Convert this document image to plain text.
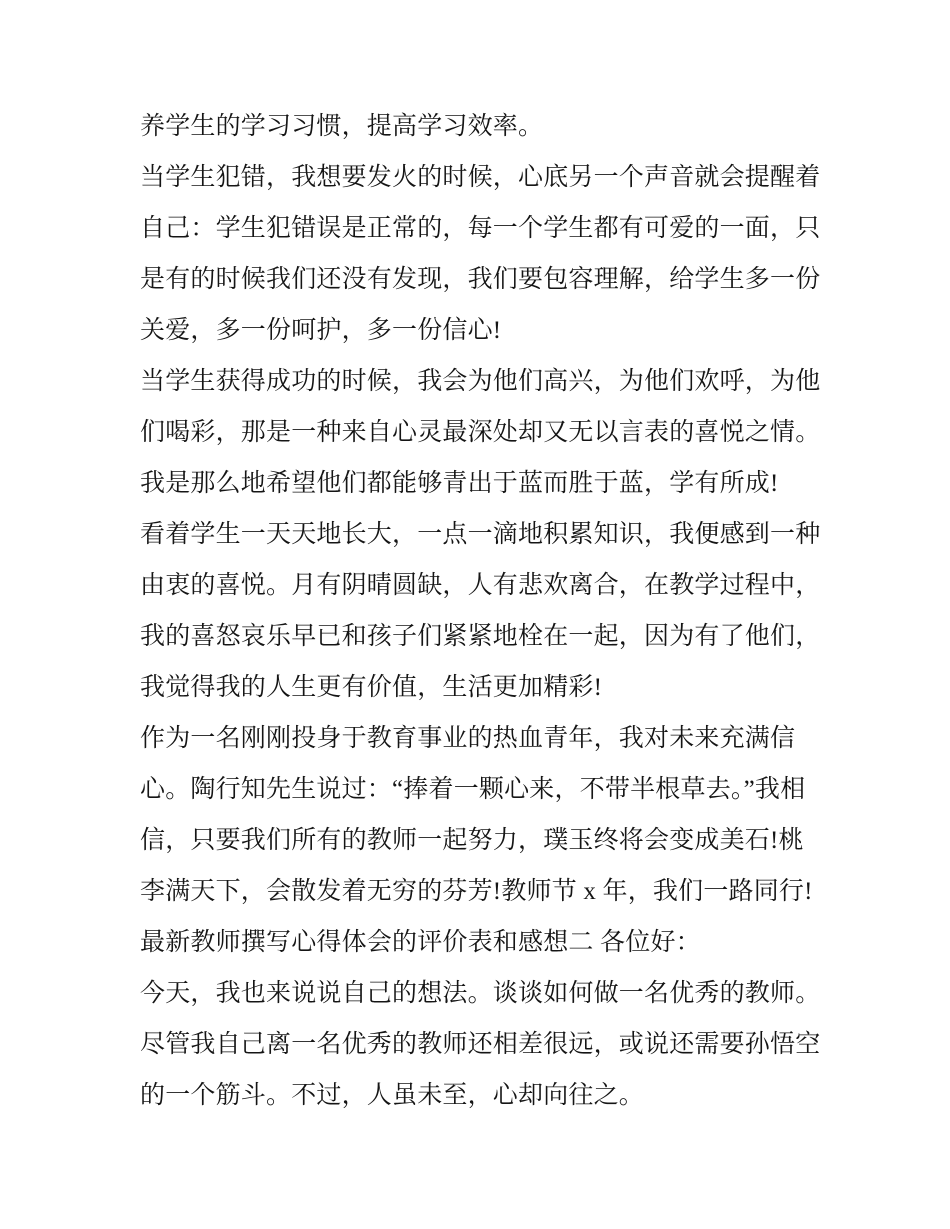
养学生的学习习惯，提高学习效率。
当学生犯错，我想要发火的时候，心底另一个声音就会提醒着
自己：学生犯错误是正常的，每一个学生都有可爱的一面，只
是有的时候我们还没有发现，我们要包容理解，给学生多一份
关爱，多一份呵护，多一份信心!
当学生获得成功的时候，我会为他们高兴，为他们欢呼，为他
们喝彩，那是一种来自心灵最深处却又无以言表的喜悦之情。
我是那么地希望他们都能够青出于蓝而胜于蓝，学有所成!
看着学生一天天地长大，一点一滴地积累知识，我便感到一种
由衷的喜悦。月有阴晴圆缺，人有悲欢离合，在教学过程中，
我的喜怒哀乐早已和孩子们紧紧地栓在一起，因为有了他们，
我觉得我的人生更有价值，生活更加精彩!
作为一名刚刚投身于教育事业的热血青年，我对未来充满信
心。陶行知先生说过：“捧着一颗心来，不带半根草去。”我相
信，只要我们所有的教师一起努力，璞玉终将会变成美石!桃
李满天下，会散发着无穷的芬芳!教师节 x 年，我们一路同行!
最新教师撰写心得体会的评价表和感想二 各位好：
今天，我也来说说自己的想法。谈谈如何做一名优秀的教师。
尽管我自己离一名优秀的教师还相差很远，或说还需要孙悟空
的一个筋斗。不过，人虽未至，心却向往之。
